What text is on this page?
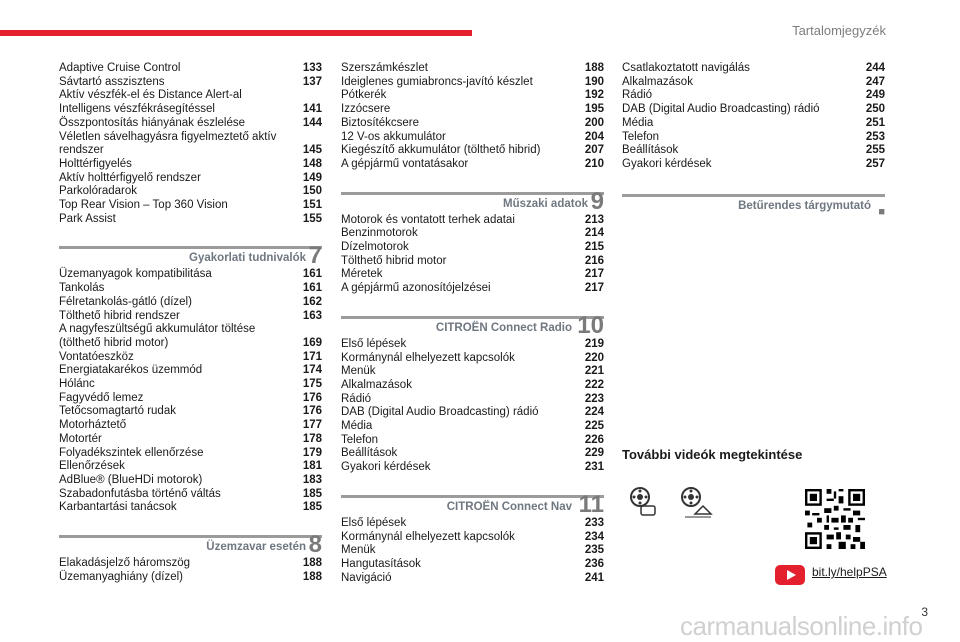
Tartalomjegyzék
Adaptive Cruise Control	133
Sávtartó asszisztens	137
Aktív vészfék-el és Distance Alert-al Intelligens vészfékrásegítéssel	141
Összpontosítás hiányának észlelése	144
Véletlen sávelhagyásra figyelmeztető aktív rendszer	145
Holttérfigyelés	148
Aktív holttérfigyelő rendszer	149
Parkolóradarok	150
Top Rear Vision – Top 360 Vision	151
Park Assist	155
Gyakorlati tudnivalók 7
Üzemanyagok kompatibilitása	161
Tankolás	161
Félretankolás-gátló (dízel)	162
Tölthető hibrid rendszer	163
A nagyfeszültségű akkumulátor töltése (tölthető hibrid motor)	169
Vontatóeszköz	171
Energiatakarékos üzemmód	174
Hólánc	175
Fagyvédő lemez	176
Tetőcsomagtartó rudak	176
Motorháztető	177
Motortér	178
Folyadékszintek ellenőrzése	179
Ellenőrzések	181
AdBlue® (BlueHDi motorok)	183
Szabadonfutásba történő váltás	185
Karbantartási tanácsok	185
Üzemzavar esetén 8
Elakadásjelző háromszög	188
Üzemanyaghiány (dízel)	188
Szerszámkészlet	188
Ideiglenes gumiabroncs-javító készlet	190
Pótkerék	192
Izzócsere	195
Biztosítékcsere	200
12 V-os akkumulátor	204
Kiegészítő akkumulátor (tölthető hibrid)	207
A gépjármű vontatásakor	210
Műszaki adatok 9
Motorok és vontatott terhek adatai	213
Benzinmotorok	214
Dízelmotorok	215
Tölthető hibrid motor	216
Méretek	217
A gépjármű azonosítójelzései	217
CITROËN Connect Radio 10
Első lépések	219
Kormánynál elhelyezett kapcsolók	220
Menük	221
Alkalmazások	222
Rádió	223
DAB (Digital Audio Broadcasting) rádió	224
Média	225
Telefon	226
Beállítások	229
Gyakori kérdések	231
CITROËN Connect Nav 11
Első lépések	233
Kormánynál elhelyezett kapcsolók	234
Menük	235
Hangutasítások	236
Navigáció	241
Csatlakoztatott navigálás	244
Alkalmazások	247
Rádió	249
DAB (Digital Audio Broadcasting) rádió	250
Média	251
Telefon	253
Beállítások	255
Gyakori kérdések	257
Betűrendes tárgymutató ■
További videók megtekintése
bit.ly/helpPSA
carmanualsonline.info
3
